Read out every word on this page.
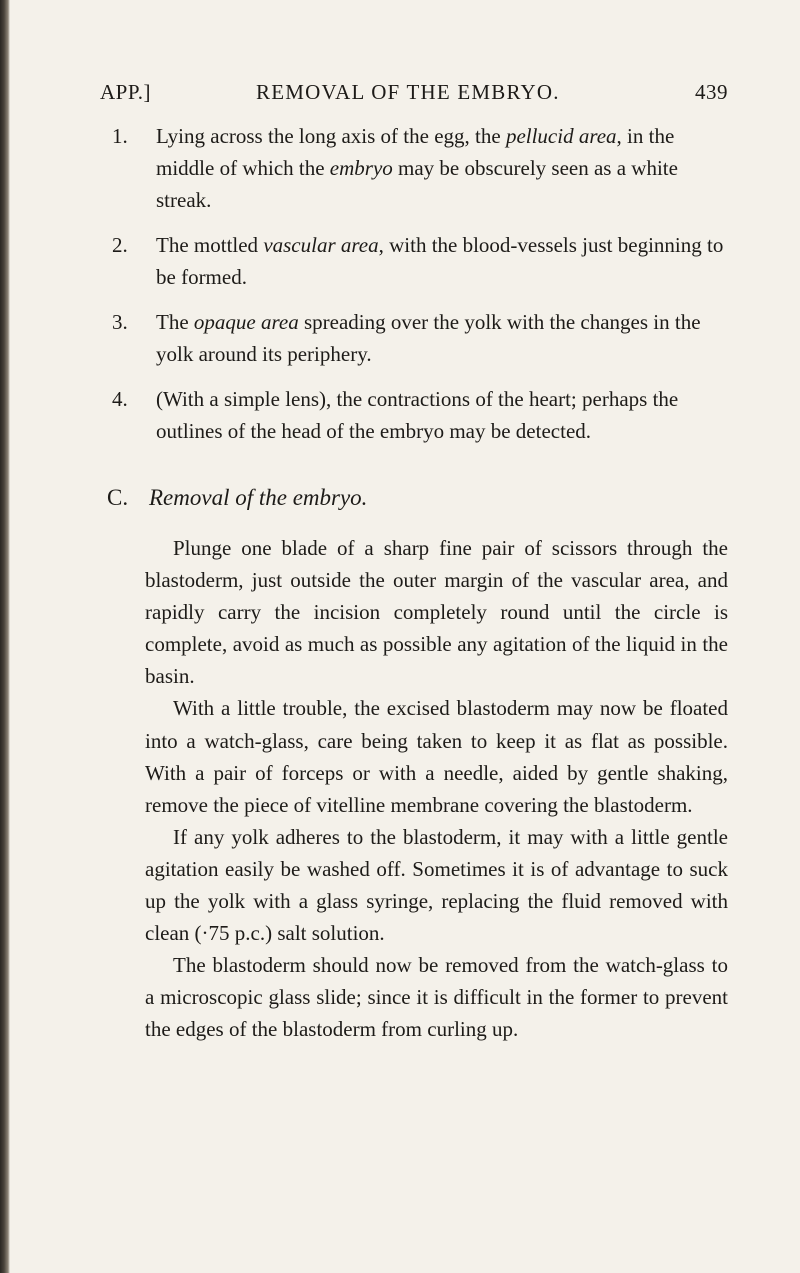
APP.]	REMOVAL OF THE EMBRYO.	439
1. Lying across the long axis of the egg, the pellucid area, in the middle of which the embryo may be obscurely seen as a white streak.
2. The mottled vascular area, with the blood-vessels just beginning to be formed.
3. The opaque area spreading over the yolk with the changes in the yolk around its periphery.
4. (With a simple lens), the contractions of the heart; perhaps the outlines of the head of the embryo may be detected.
C. Removal of the embryo.

Plunge one blade of a sharp fine pair of scissors through the blastoderm, just outside the outer margin of the vascular area, and rapidly carry the incision completely round until the circle is complete, avoid as much as possible any agitation of the liquid in the basin.

With a little trouble, the excised blastoderm may now be floated into a watch-glass, care being taken to keep it as flat as possible. With a pair of forceps or with a needle, aided by gentle shaking, remove the piece of vitelline membrane covering the blastoderm.

If any yolk adheres to the blastoderm, it may with a little gentle agitation easily be washed off. Sometimes it is of advantage to suck up the yolk with a glass syringe, replacing the fluid removed with clean (·75 p.c.) salt solution.

The blastoderm should now be removed from the watch-glass to a microscopic glass slide; since it is difficult in the former to prevent the edges of the blastoderm from curling up.
